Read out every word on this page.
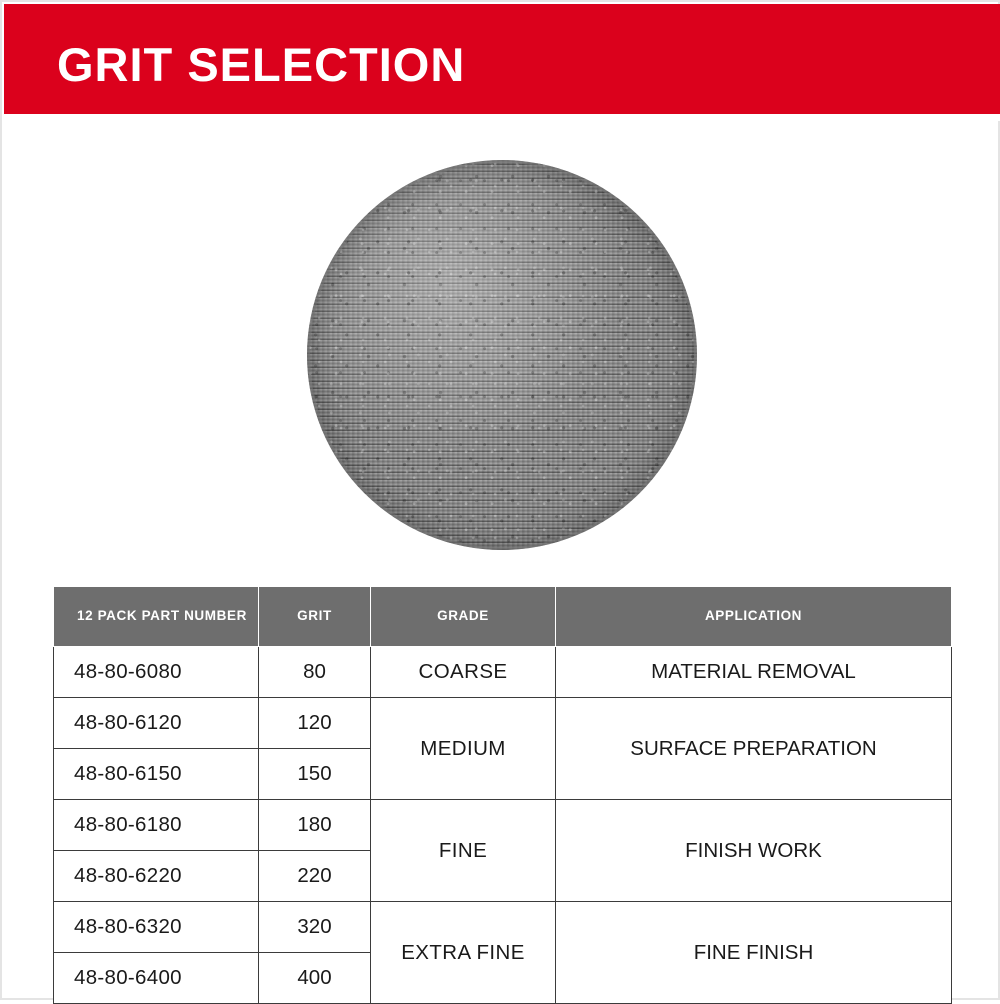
GRIT SELECTION
12 PACK PART NUMBER	GRIT	GRADE	APPLICATION
48-80-6080	80	COARSE	MATERIAL REMOVAL
48-80-6120	120	MEDIUM	SURFACE PREPARATION
48-80-6150	150		
48-80-6180	180	FINE	FINISH WORK
48-80-6220	220		
48-80-6320	320	EXTRA FINE	FINE FINISH
48-80-6400	400		
